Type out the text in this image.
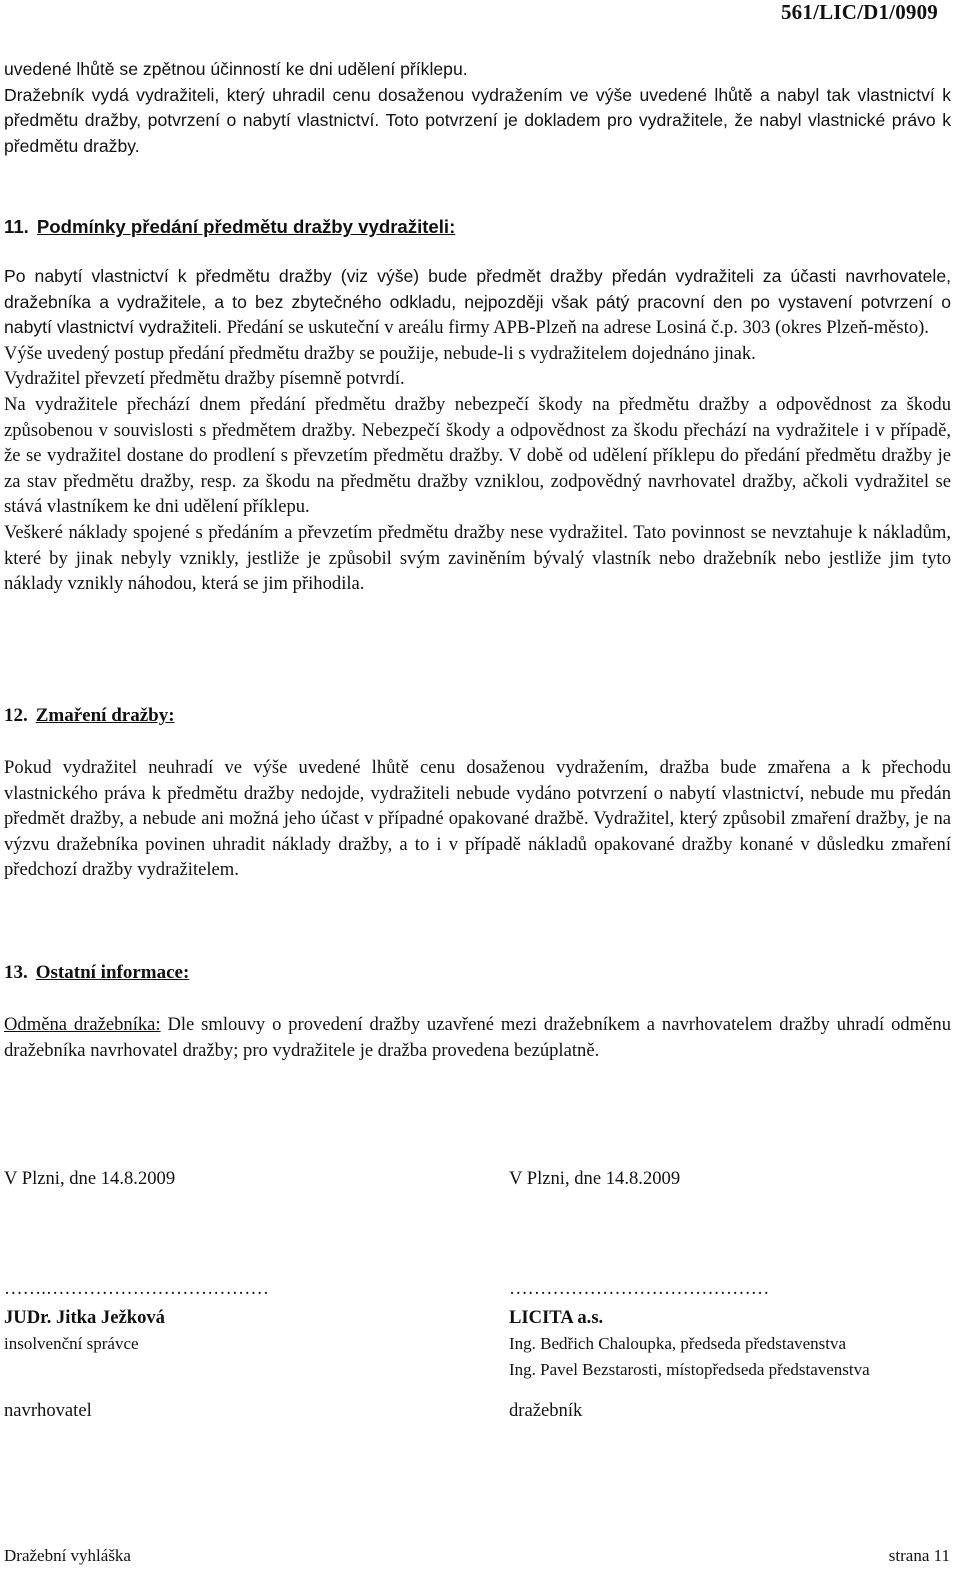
561/LIC/D1/0909

uvedené lhůtě se zpětnou účinností ke dni udělení příklepu.

Dražebník vydá vydražiteli, který uhradil cenu dosaženou vydražením ve výše uvedené lhůtě a nabyl tak vlastnictví k předmětu dražby, potvrzení o nabytí vlastnictví. Toto potvrzení je dokladem pro vydražitele, že nabyl vlastnické právo k předmětu dražby.

11. Podmínky předání předmětu dražby vydražiteli:

Po nabytí vlastnictví k předmětu dražby (viz výše) bude předmět dražby předán vydražiteli za účasti navrhovatele, dražebníka a vydražitele, a to bez zbytečného odkladu, nejpozději však pátý pracovní den po vystavení potvrzení o nabytí vlastnictví vydražiteli. Předání se uskuteční v areálu firmy APB-Plzeň na adrese Losiná č.p. 303 (okres Plzeň-město).

Výše uvedený postup předání předmětu dražby se použije, nebude-li s vydražitelem dojednáno jinak.

Vydražitel převzetí předmětu dražby písemně potvrdí.

Na vydražitele přechází dnem předání předmětu dražby nebezpečí škody na předmětu dražby a odpovědnost za škodu způsobenou v souvislosti s předmětem dražby. Nebezpečí škody a odpovědnost za škodu přechází na vydražitele i v případě, že se vydražitel dostane do prodlení s převzetím předmětu dražby. V době od udělení příklepu do předání předmětu dražby je za stav předmětu dražby, resp. za škodu na předmětu dražby vzniklou, zodpovědný navrhovatel dražby, ačkoli vydražitel se stává vlastníkem ke dni udělení příklepu.

Veškeré náklady spojené s předáním a převzetím předmětu dražby nese vydražitel. Tato povinnost se nevztahuje k nákladům, které by jinak nebyly vznikly, jestliže je způsobil svým zaviněním bývalý vlastník nebo dražebník nebo jestliže jim tyto náklady vznikly náhodou, která se jim přihodila.

12. Zmaření dražby:

Pokud vydražitel neuhradí ve výše uvedené lhůtě cenu dosaženou vydražením, dražba bude zmařena a k přechodu vlastnického práva k předmětu dražby nedojde, vydražiteli nebude vydáno potvrzení o nabytí vlastnictví, nebude mu předán předmět dražby, a nebude ani možná jeho účast v případné opakované dražbě. Vydražitel, který způsobil zmaření dražby, je na výzvu dražebníka povinen uhradit náklady dražby, a to i v případě nákladů opakované dražby konané v důsledku zmaření předchozí dražby vydražitelem.

13. Ostatní informace:

Odměna dražebníka: Dle smlouvy o provedení dražby uzavřené mezi dražebníkem a navrhovatelem dražby uhradí odměnu dražebníka navrhovatel dražby; pro vydražitele je dražba provedena bezúplatně.

V Plzni, dne 14.8.2009
…….………………………………
JUDr. Jitka Ježková
insolvenční správce
navrhovatel
V Plzni, dne 14.8.2009
……………………………………
LICITA a.s.
Ing. Bedřich Chaloupka, předseda představenstva
Ing. Pavel Bezstarosti, místopředseda představenstva
dražebník
Dražební vyhláška	strana 11
